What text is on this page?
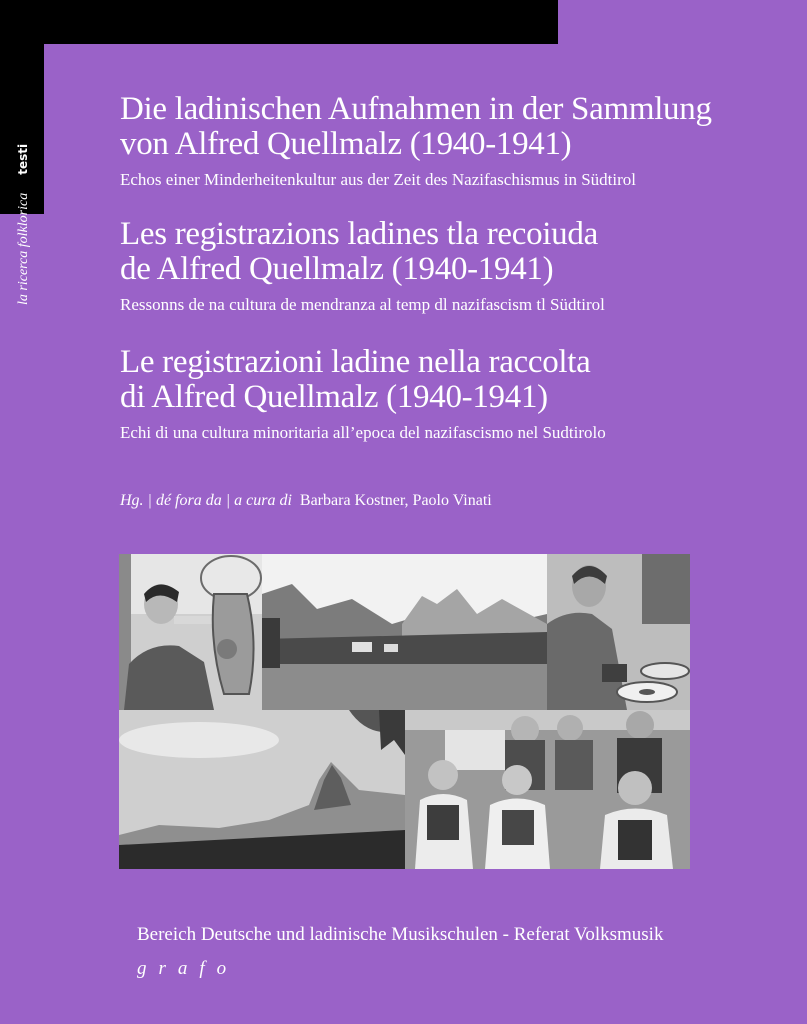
la ricerca folkloricatesti
Die ladinischen Aufnahmen in der Sammlung
von Alfred Quellmalz (1940-1941)

Echos einer Minderheitenkultur aus der Zeit des Nazifaschismus in Südtirol

Les registrazions ladines tla recoiuda
de Alfred Quellmalz (1940-1941)

Ressonns de na cultura de mendranza al temp dl nazifascism tl Südtirol

Le registrazioni ladine nella raccolta
di Alfred Quellmalz (1940-1941)

Echi di una cultura minoritaria all’epoca del nazifascismo nel Sudtirolo

Hg. | dé fora da | a cura di Barbara Kostner, Paolo Vinati
Bereich Deutsche und ladinische Musikschulen - Referat Volksmusik
grafo
